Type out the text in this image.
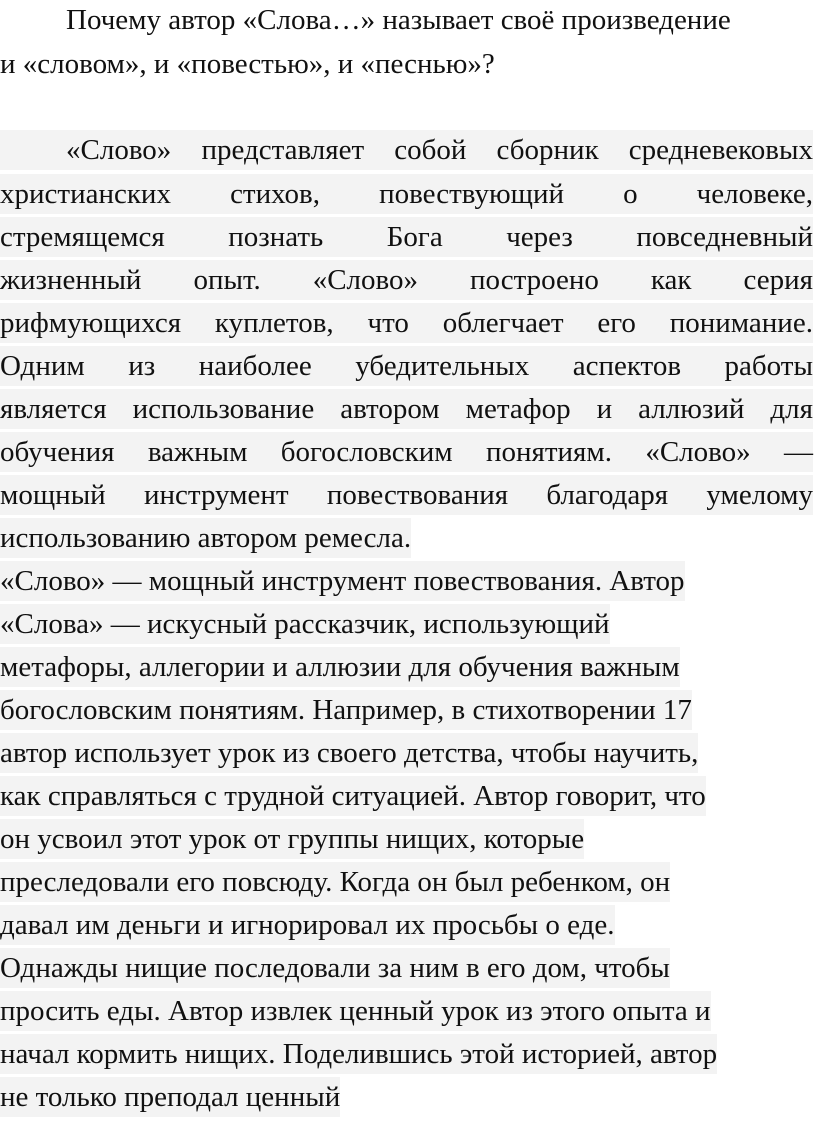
Почему автор «Слова…» называет своё произведение
и «словом», и «повестью», и «песнью»?
«Слово» представляет собой сборник средневековых
христианских стихов, повествующий о человеке,
стремящемся познать Бога через повседневный
жизненный опыт. «Слово» построено как серия
рифмующихся куплетов, что облегчает его понимание.
Одним из наиболее убедительных аспектов работы
является использование автором метафор и аллюзий для
обучения важным богословским понятиям. «Слово» —
мощный инструмент повествования благодаря умелому
использованию автором ремесла.
«Слово» — мощный инструмент повествования. Автор
«Слова» — искусный рассказчик, использующий
метафоры, аллегории и аллюзии для обучения важным
богословским понятиям. Например, в стихотворении 17
автор использует урок из своего детства, чтобы научить,
как справляться с трудной ситуацией. Автор говорит, что
он усвоил этот урок от группы нищих, которые
преследовали его повсюду. Когда он был ребенком, он
давал им деньги и игнорировал их просьбы о еде.
Однажды нищие последовали за ним в его дом, чтобы
просить еды. Автор извлек ценный урок из этого опыта и
начал кормить нищих. Поделившись этой историей, автор
не только преподал ценный
